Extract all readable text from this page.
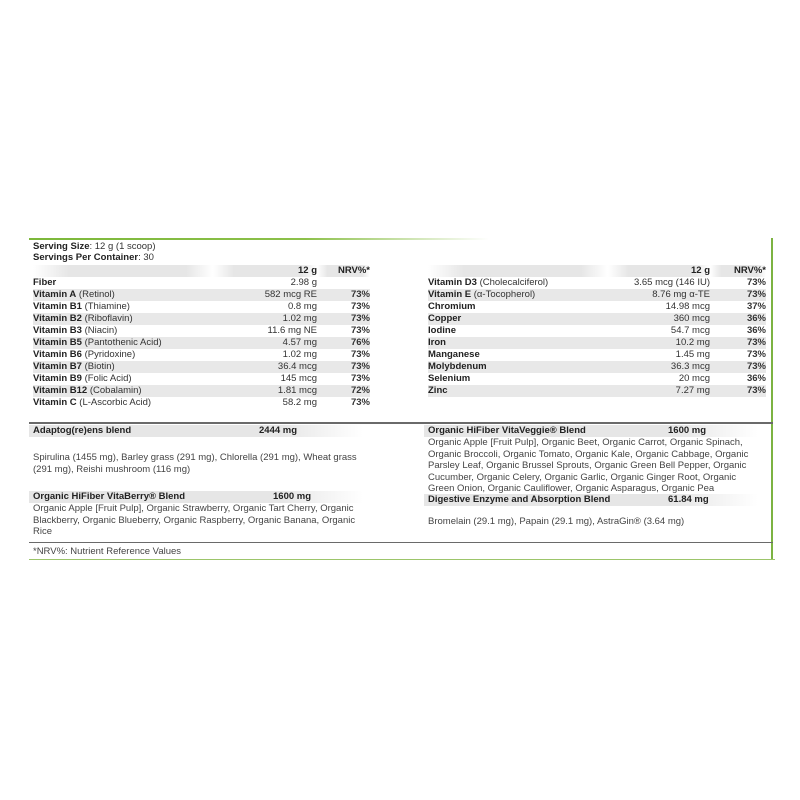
Serving Size: 12 g (1 scoop)
Servings Per Container: 30
	12 g	NRV%*
Fiber	2.98 g	
Vitamin A (Retinol)	582 mcg RE	73%
Vitamin B1 (Thiamine)	0.8 mg	73%
Vitamin B2 (Riboflavin)	1.02 mg	73%
Vitamin B3 (Niacin)	11.6 mg NE	73%
Vitamin B5 (Pantothenic Acid)	4.57 mg	76%
Vitamin B6 (Pyridoxine)	1.02 mg	73%
Vitamin B7 (Biotin)	36.4 mcg	73%
Vitamin B9 (Folic Acid)	145 mcg	73%
Vitamin B12 (Cobalamin)	1.81 mcg	72%
Vitamin C (L-Ascorbic Acid)	58.2 mg	73%
	12 g	NRV%*
Vitamin D3 (Cholecalciferol)	3.65 mcg (146 IU)	73%
Vitamin E (α-Tocopherol)	8.76 mg α-TE	73%
Chromium	14.98 mcg	37%
Copper	360 mcg	36%
Iodine	54.7 mcg	36%
Iron	10.2 mg	73%
Manganese	1.45 mg	73%
Molybdenum	36.3 mcg	73%
Selenium	20 mcg	36%
Zinc	7.27 mg	73%
Adaptog(re)ens blend	2444 mg
Spirulina (1455 mg), Barley grass (291 mg), Chlorella (291 mg), Wheat grass (291 mg), Reishi mushroom (116 mg)
Organic HiFiber VitaBerry® Blend	1600 mg
Organic Apple [Fruit Pulp], Organic Strawberry, Organic Tart Cherry, Organic Blackberry, Organic Blueberry, Organic Raspberry, Organic Banana, Organic Rice
Organic HiFiber VitaVeggie® Blend	1600 mg
Organic Apple [Fruit Pulp], Organic Beet, Organic Carrot, Organic Spinach, Organic Broccoli, Organic Tomato, Organic Kale, Organic Cabbage, Organic Parsley Leaf, Organic Brussel Sprouts, Organic Green Bell Pepper, Organic Cucumber, Organic Celery, Organic Garlic, Organic Ginger Root, Organic Green Onion, Organic Cauliflower, Organic Asparagus, Organic Pea
Digestive Enzyme and Absorption Blend	61.84 mg
Bromelain (29.1 mg), Papain (29.1 mg), AstraGin® (3.64 mg)
*NRV%: Nutrient Reference Values
